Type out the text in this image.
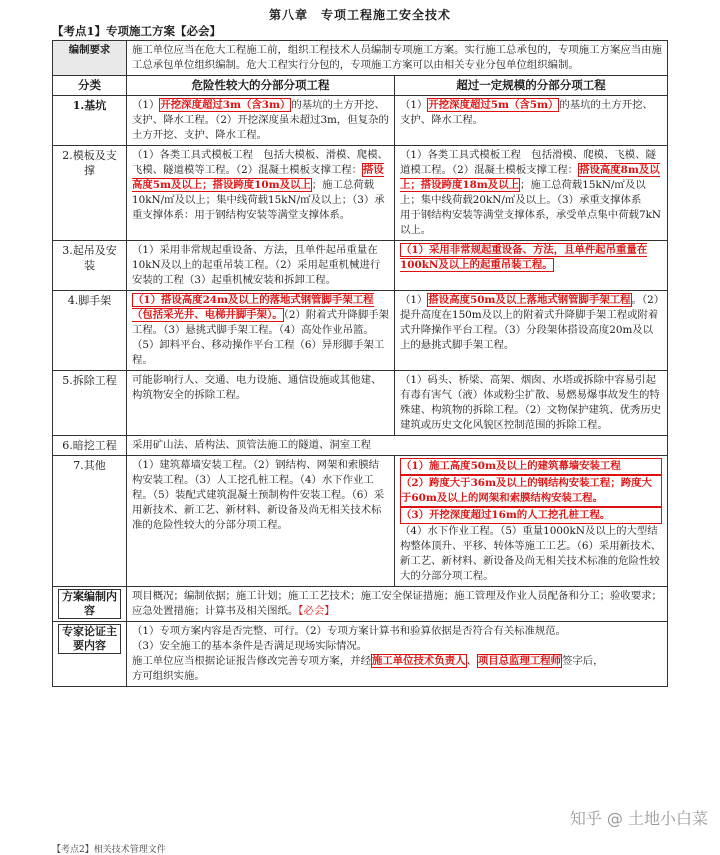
第八章　专项工程施工安全技术
【考点1】专项施工方案【必会】
编制要求	施工单位应当在危大工程施工前，组织工程技术人员编制专项施工方案。实行施工总承包的，专项施工方案应当由施工总承包单位组织编制。危大工程实行分包的，专项施工方案可以由相关专业分包单位组织编制。	
分类	危险性较大的分部分项工程	超过一定规模的分部分项工程
1.基坑	（1）开挖深度超过3m（含3m）的基坑的土方开挖、支护、降水工程。（2）开挖深度虽未超过3m，但复杂的土方开挖、支护、降水工程。	（1）开挖深度超过5m（含5m）的基坑的土方开挖、支护、降水工程。
2.模板及支撑	（1）各类工具式模板工程　包括大模板、滑模、爬模、飞模、隧道模等工程。（2）混凝土模板支撑工程：搭设高度5m及以上；搭设跨度10m及以上；施工总荷载10kN/㎡及以上；集中线荷载15kN/㎡及以上；（3）承重支撑体系：用于钢结构安装等满堂支撑体系。	（1）各类工具式模板工程　包括滑模、爬模、飞模、隧道模工程。（2）混凝土模板支撑工程：搭设高度8m及以上；搭设跨度18m及以上；施工总荷载15kN/㎡及以上；集中线荷载20kN/㎡及以上。（3）承重支撑体系　用于钢结构安装等满堂支撑体系，承受单点集中荷载7kN以上。
3.起吊及安装	（1）采用非常规起重设备、方法，且单件起吊重量在10kN及以上的起重吊装工程。（2）采用起重机械进行安装的工程（3）起重机械安装和拆卸工程。	（1）采用非常规起重设备、方法，且单件起吊重量在100kN及以上的起重吊装工程。
4.脚手架	（1）搭设高度24m及以上的落地式钢管脚手架工程（包括采光井、电梯井脚手架）。（2）附着式升降脚手架工程。（3）悬挑式脚手架工程。（4）高处作业吊篮。（5）卸料平台、移动操作平台工程（6）异形脚手架工程。	（1）搭设高度50m及以上落地式钢管脚手架工程。（2）提升高度在150m及以上的附着式升降脚手架工程或附着式升降操作平台工程。（3）分段架体搭设高度20m及以上的悬挑式脚手架工程。
5.拆除工程	可能影响行人、交通、电力设施、通信设施或其他建、构筑物安全的拆除工程。	（1）码头、桥梁、高架、烟囱、水塔或拆除中容易引起有毒有害气（液）体或粉尘扩散、易燃易爆事故发生的特殊建、构筑物的拆除工程。（2）文物保护建筑、优秀历史建筑或历史文化风貌区控制范围的拆除工程。
6.暗挖工程	采用矿山法、盾构法、顶管法施工的隧道、洞室工程	
7.其他	（1）建筑幕墙安装工程。（2）钢结构、网架和索膜结构安装工程。（3）人工挖孔桩工程。（4）水下作业工程。（5）装配式建筑混凝土预制构件安装工程。（6）采用新技术、新工艺、新材料、新设备及尚无相关技术标准的危险性较大的分部分项工程。	（1）施工高度50m及以上的建筑幕墙安装工程
（2）跨度大于36m及以上的钢结构安装工程；跨度大于60m及以上的网架和索膜结构安装工程。
（3）开挖深度超过16m的人工挖孔桩工程。
（4）水下作业工程。（5）重量1000kN及以上的大型结构整体顶升、平移、转体等施工工艺。（6）采用新技术、新工艺、新材料、新设备及尚无相关技术标准的危险性较大的分部分项工程。
方案编制内容	项目概况；编制依据；施工计划；施工工艺技术；施工安全保证措施；施工管理及作业人员配备和分工；验收要求；应急处置措施；计算书及相关图纸。【必会】	
专家论证主要内容	（1）专项方案内容是否完整、可行。（2）专项方案计算书和验算依据是否符合有关标准规范。
（3）安全施工的基本条件是否满足现场实际情况。
施工单位应当根据论证报告修改完善专项方案，并经施工单位技术负责人、项目总监理工程师签字后，
方可组织实施。	
【考点2】相关技术管理文件
知乎 @ 土地小白菜
